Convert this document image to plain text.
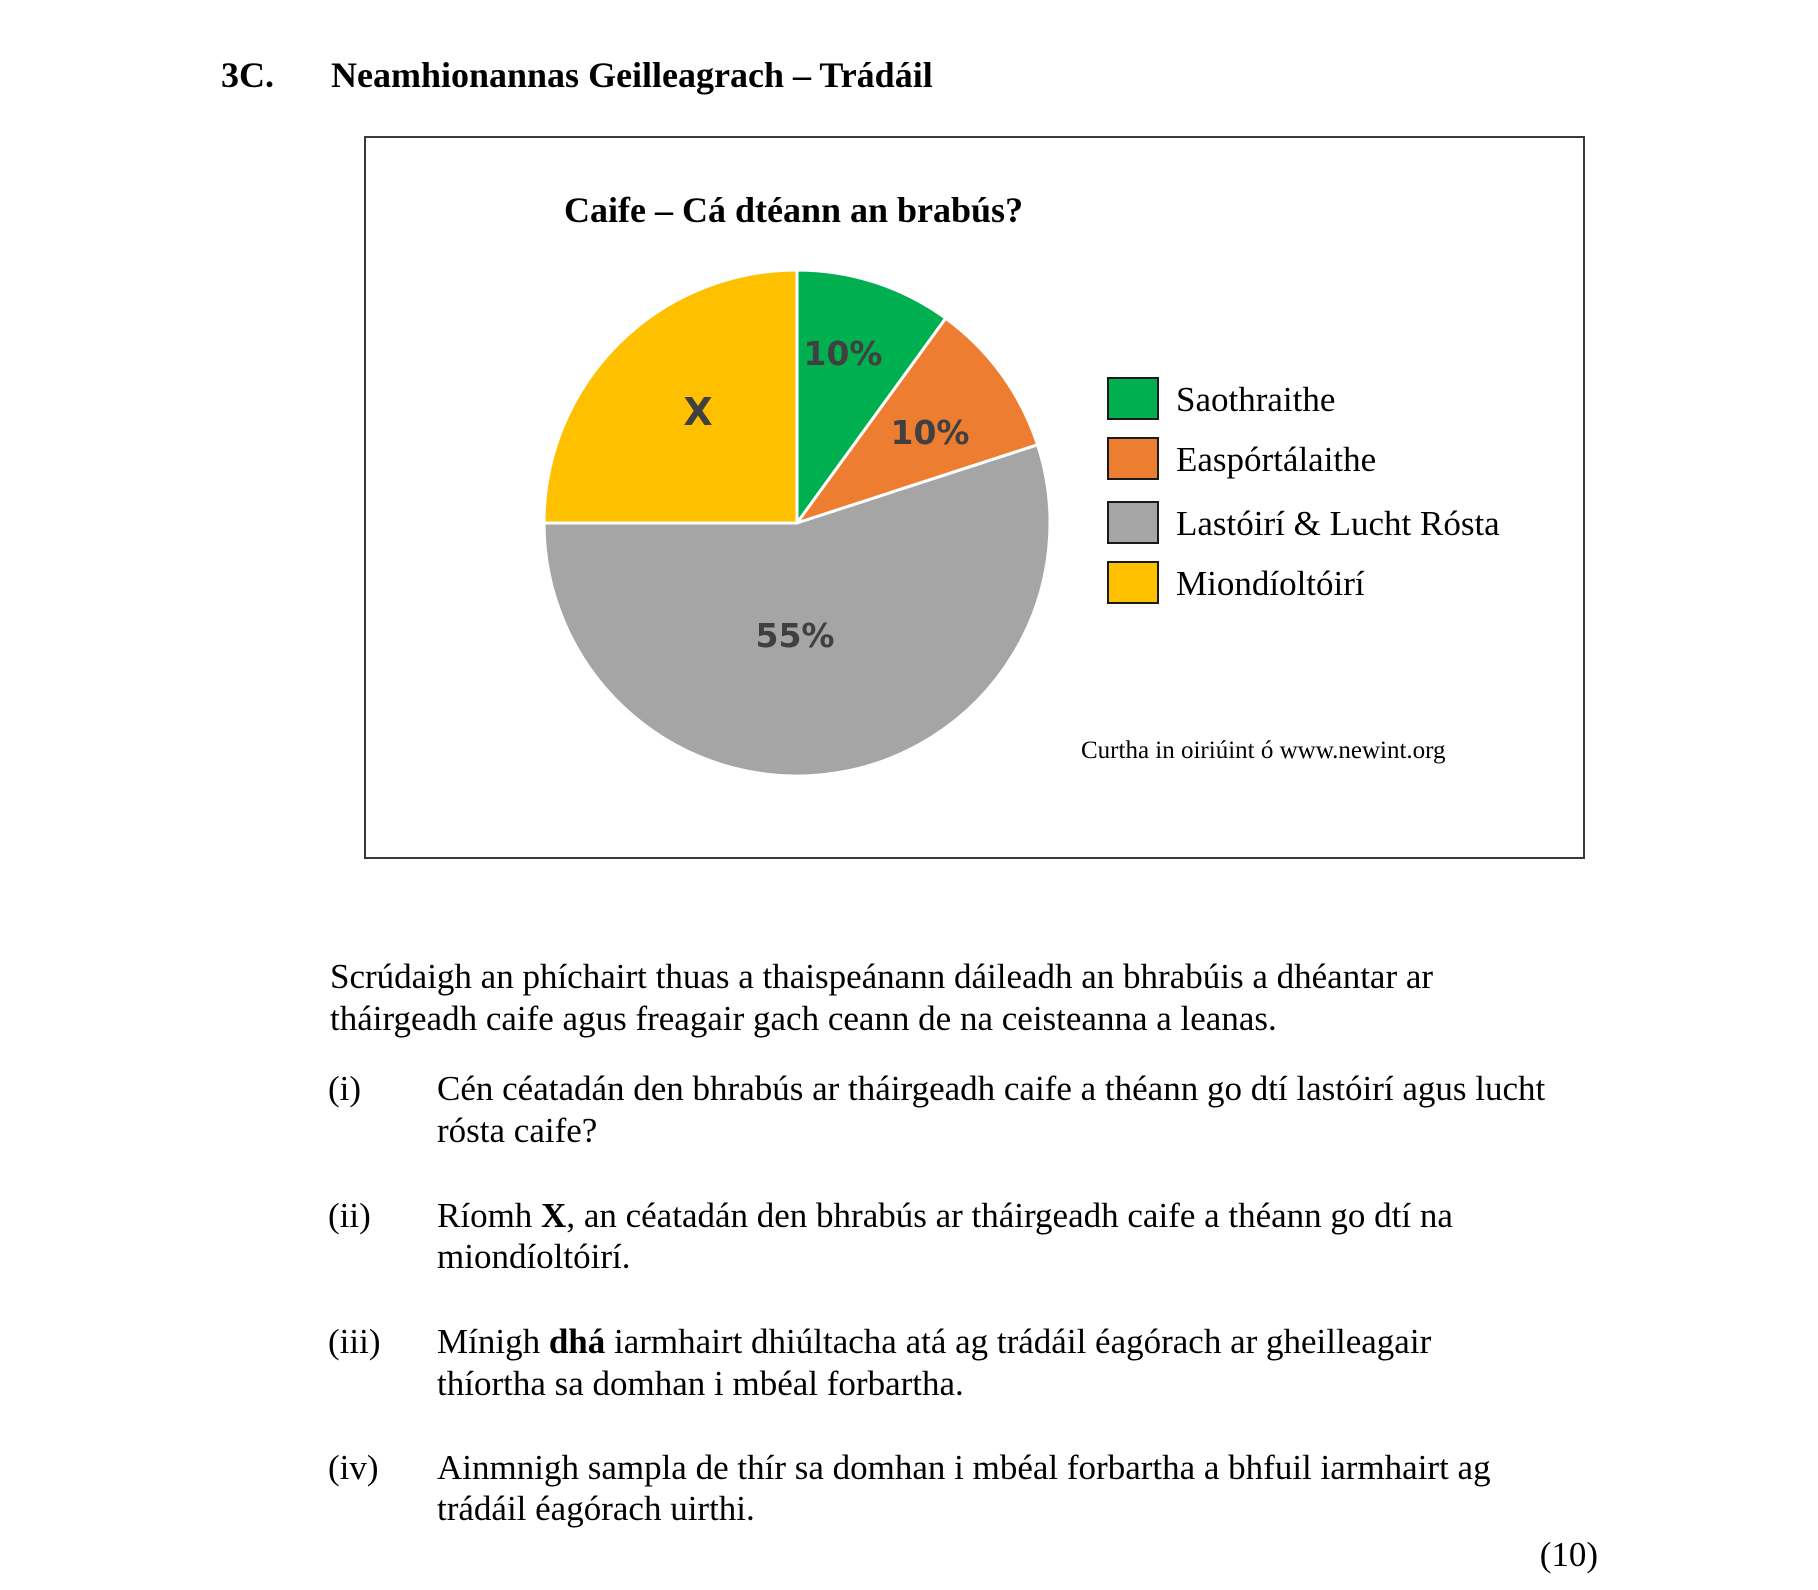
3C. Neamhionannas Geilleagrach – Trádáil
Caife – Cá dtéann an brabús?
10%
10%
55%
X	Saothraithe
Easpórtálaithe
Lastóirí & Lucht Rósta
Miondíoltóirí
Curtha in oiriúint ó www.newint.org
Scrúdaigh an phíchairt thuas a thaispeánann dáileadh an bhrabúis a dhéantar ar
tháirgeadh caife agus freagair gach ceann de na ceisteanna a leanas.
(i) Cén céatadán den bhrabús ar tháirgeadh caife a théann go dtí lastóirí agus lucht
rósta caife?
(ii) Ríomh X, an céatadán den bhrabús ar tháirgeadh caife a théann go dtí na
miondíoltóirí.
(iii) Mínigh dhá iarmhairt dhiúltacha atá ag trádáil éagórach ar gheilleagair
thíortha sa domhan i mbéal forbartha.
(iv) Ainmnigh sampla de thír sa domhan i mbéal forbartha a bhfuil iarmhairt ag
trádáil éagórach uirthi.
(10)
